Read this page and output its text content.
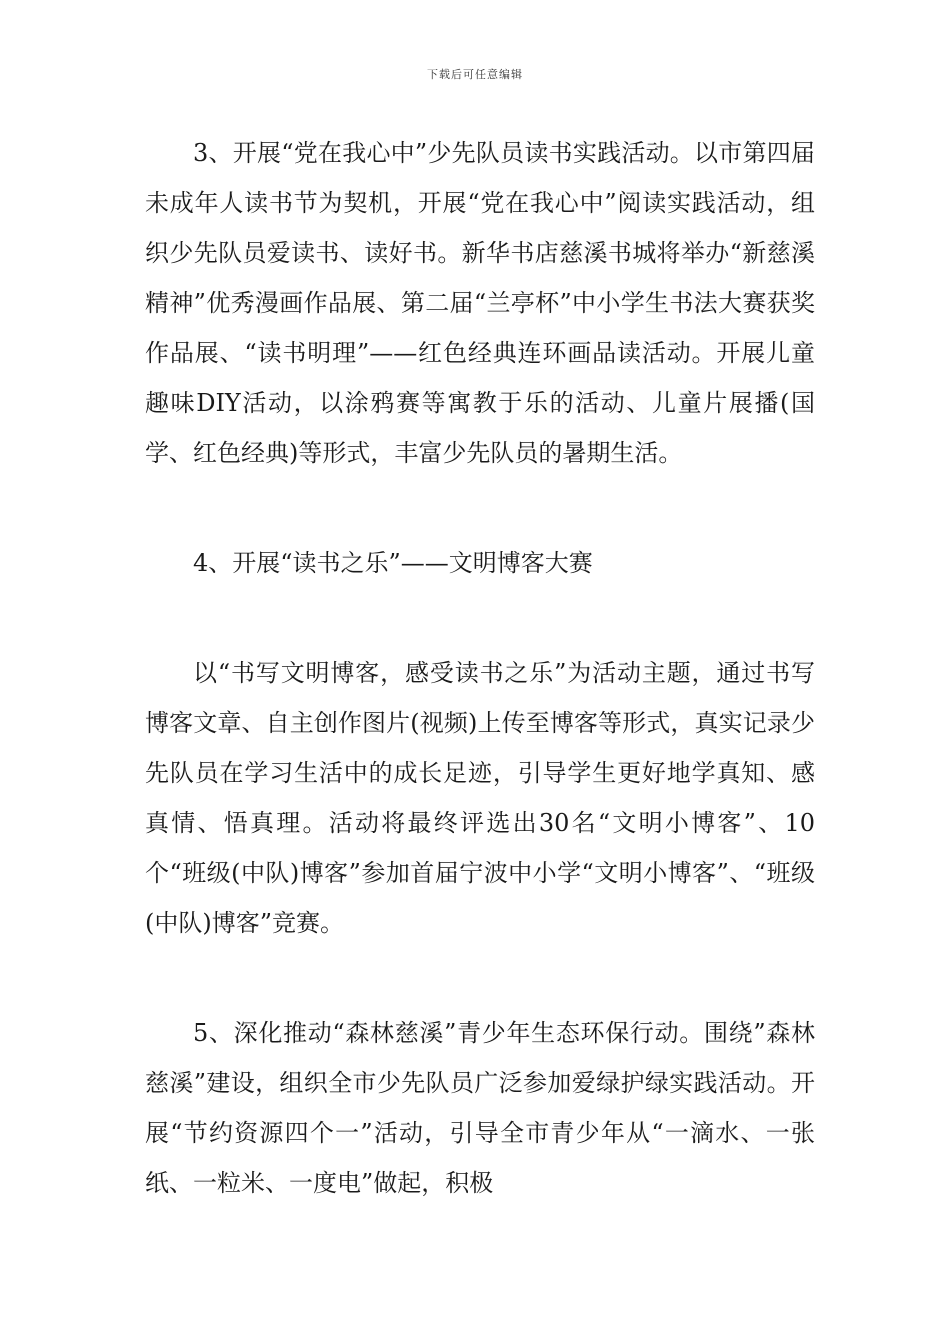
下载后可任意编辑

3、开展“党在我心中”少先队员读书实践活动。以市第四届未成年人读书节为契机，开展“党在我心中”阅读实践活动，组织少先队员爱读书、读好书。新华书店慈溪书城将举办“新慈溪精神”优秀漫画作品展、第二届“兰亭杯”中小学生书法大赛获奖作品展、“读书明理”——红色经典连环画品读活动。开展儿童趣味DIY活动，以涂鸦赛等寓教于乐的活动、儿童片展播(国学、红色经典)等形式，丰富少先队员的暑期生活。

4、开展“读书之乐”——文明博客大赛

以“书写文明博客，感受读书之乐”为活动主题，通过书写博客文章、自主创作图片(视频)上传至博客等形式，真实记录少先队员在学习生活中的成长足迹，引导学生更好地学真知、感真情、悟真理。活动将最终评选出30名“文明小博客”、10个“班级(中队)博客”参加首届宁波中小学“文明小博客”、“班级(中队)博客”竞赛。

5、深化推动“森林慈溪”青少年生态环保行动。围绕”森林慈溪”建设，组织全市少先队员广泛参加爱绿护绿实践活动。开展“节约资源四个一”活动，引导全市青少年从“一滴水、一张纸、一粒米、一度电”做起，积极
